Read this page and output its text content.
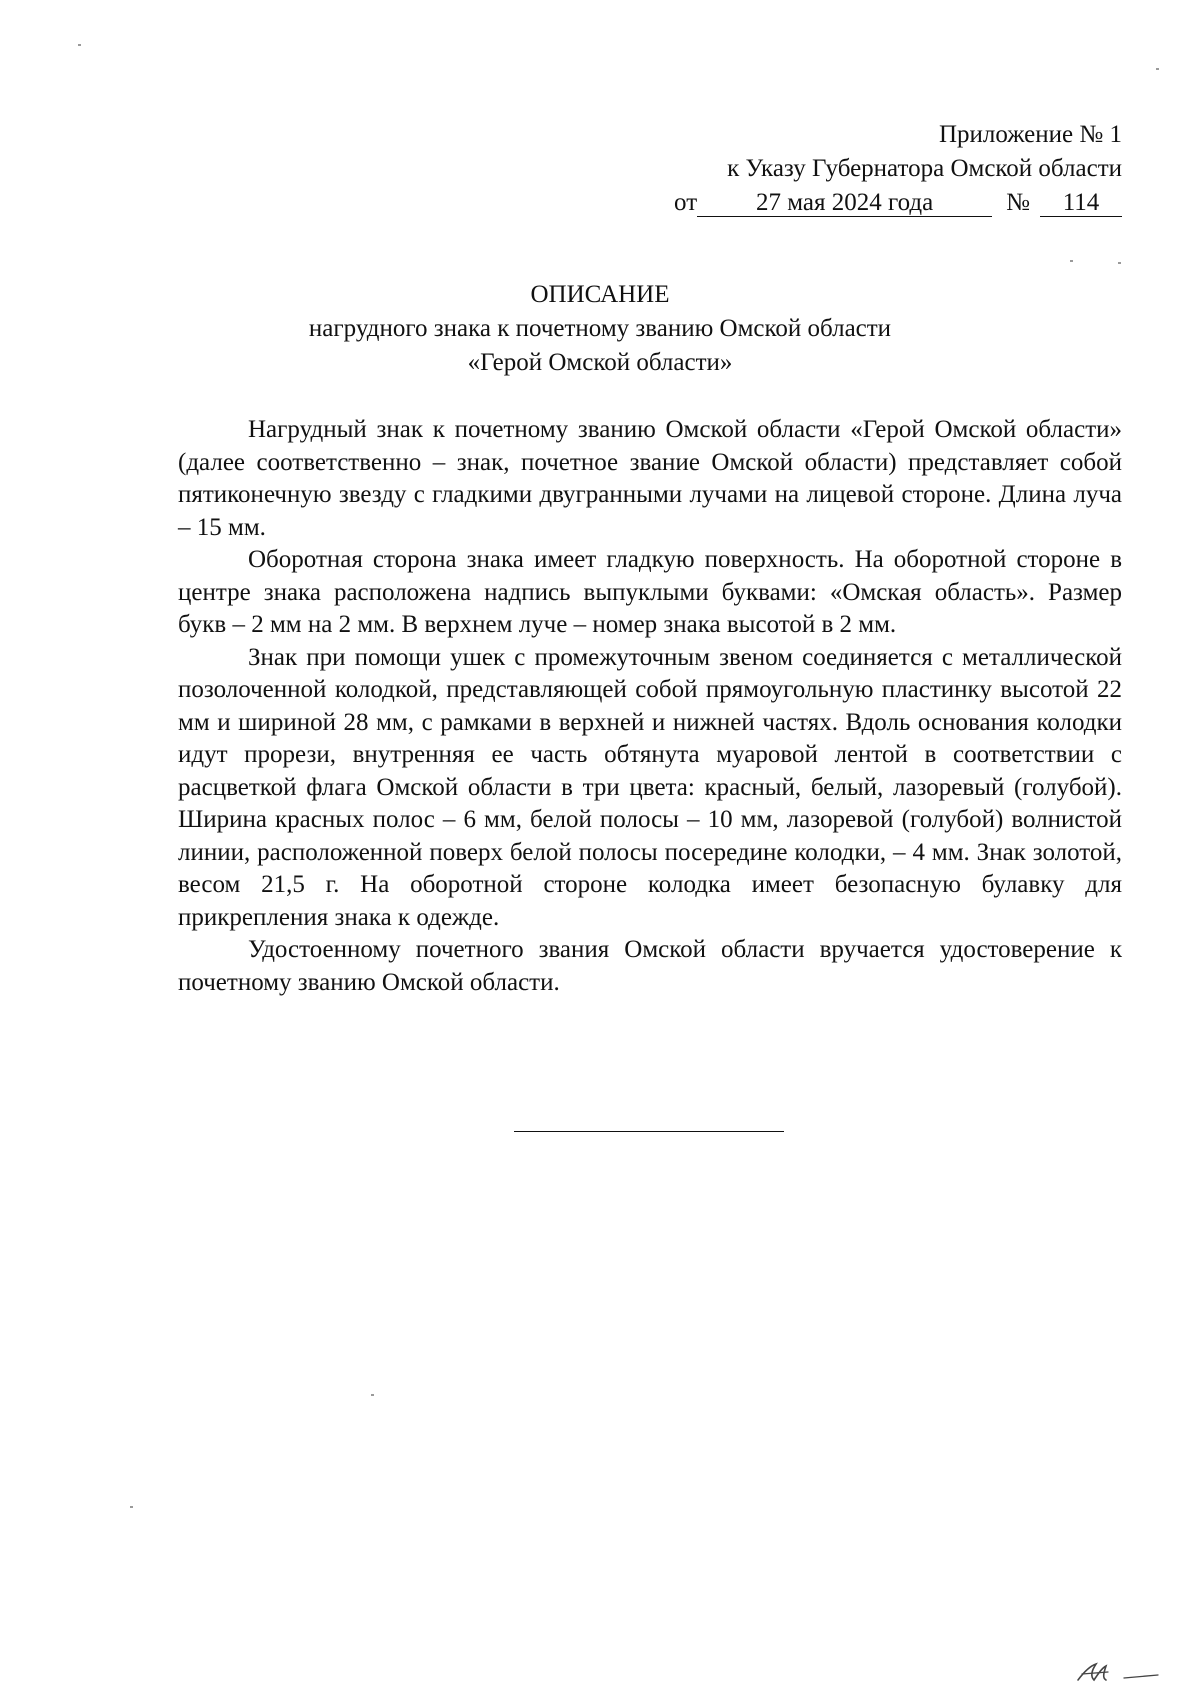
Приложение № 1
к Указу Губернатора Омской области
от	27 мая 2024 года	№	114
ОПИСАНИЕ
нагрудного знака к почетному званию Омской области
«Герой Омской области»

Нагрудный знак к почетному званию Омской области «Герой Омской области» (далее соответственно – знак, почетное звание Омской области) представляет собой пятиконечную звезду с гладкими двугранными лучами на лицевой стороне. Длина луча – 15 мм.

Оборотная сторона знака имеет гладкую поверхность. На оборотной стороне в центре знака расположена надпись выпуклыми буквами: «Омская область». Размер букв – 2 мм на 2 мм. В верхнем луче – номер знака высотой в 2 мм.

Знак при помощи ушек с промежуточным звеном соединяется с металлической позолоченной колодкой, представляющей собой прямоугольную пластинку высотой 22 мм и шириной 28 мм, с рамками в верхней и нижней частях. Вдоль основания колодки идут прорези, внутренняя ее часть обтянута муаровой лентой в соответствии с расцветкой флага Омской области в три цвета: красный, белый, лазоревый (голубой). Ширина красных полос – 6 мм, белой полосы – 10 мм, лазоревой (голубой) волнистой линии, расположенной поверх белой полосы посередине колодки, – 4 мм. Знак золотой, весом 21,5 г. На оборотной стороне колодка имеет безопасную булавку для прикрепления знака к одежде.

Удостоенному почетного звания Омской области вручается удостоверение к почетному званию Омской области.
